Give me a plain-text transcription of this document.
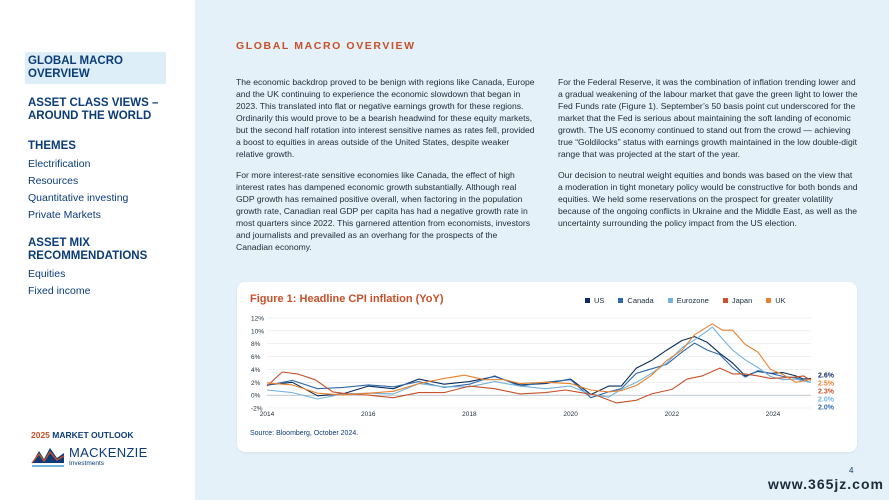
GLOBAL MACRO OVERVIEW
ASSET CLASS VIEWS – AROUND THE WORLD
THEMES
Electrification
Resources
Quantitative investing
Private Markets
ASSET MIX RECOMMENDATIONS
Equities
Fixed income
2025 MARKET OUTLOOK
MACKENZIE
Investments
GLOBAL MACRO OVERVIEW

The economic backdrop proved to be benign with regions like Canada, Europe and the UK continuing to experience the economic slowdown that began in 2023. This translated into flat or negative earnings growth for these regions. Ordinarily this would prove to be a bearish headwind for these equity markets, but the second half rotation into interest sensitive names as rates fell, provided a boost to equities in areas outside of the United States, despite weaker relative growth.

For more interest-rate sensitive economies like Canada, the effect of high interest rates has dampened economic growth substantially. Although real GDP growth has remained positive overall, when factoring in the population growth rate, Canadian real GDP per capita has had a negative growth rate in most quarters since 2022. This garnered attention from economists, investors and journalists and prevailed as an overhang for the prospects of the Canadian economy.

For the Federal Reserve, it was the combination of inflation trending lower and a gradual weakening of the labour market that gave the green light to lower the Fed Funds rate (Figure 1). September’s 50 basis point cut underscored for the market that the Fed is serious about maintaining the soft landing of economic growth. The US economy continued to stand out from the crowd — achieving true “Goldilocks” status with earnings growth maintained in the low double-digit range that was projected at the start of the year.

Our decision to neutral weight equities and bonds was based on the view that a moderation in tight monetary policy would be constructive for both bonds and equities. We held some reservations on the prospect for greater volatility because of the ongoing conflicts in Ukraine and the Middle East, as well as the uncertainty surrounding the policy impact from the US election.

Figure 1: Headline CPI inflation (YoY)	US	Canada	Eurozone	Japan	UK
12%
10%
8%
6%
4%
2%
0%
-2%
2014	2016	2018	2020	2022	2024
2.6%
2.5%
2.3%
2.0%
2.0%
Source: Bloomberg, October 2024.
4
www.365jz.com
